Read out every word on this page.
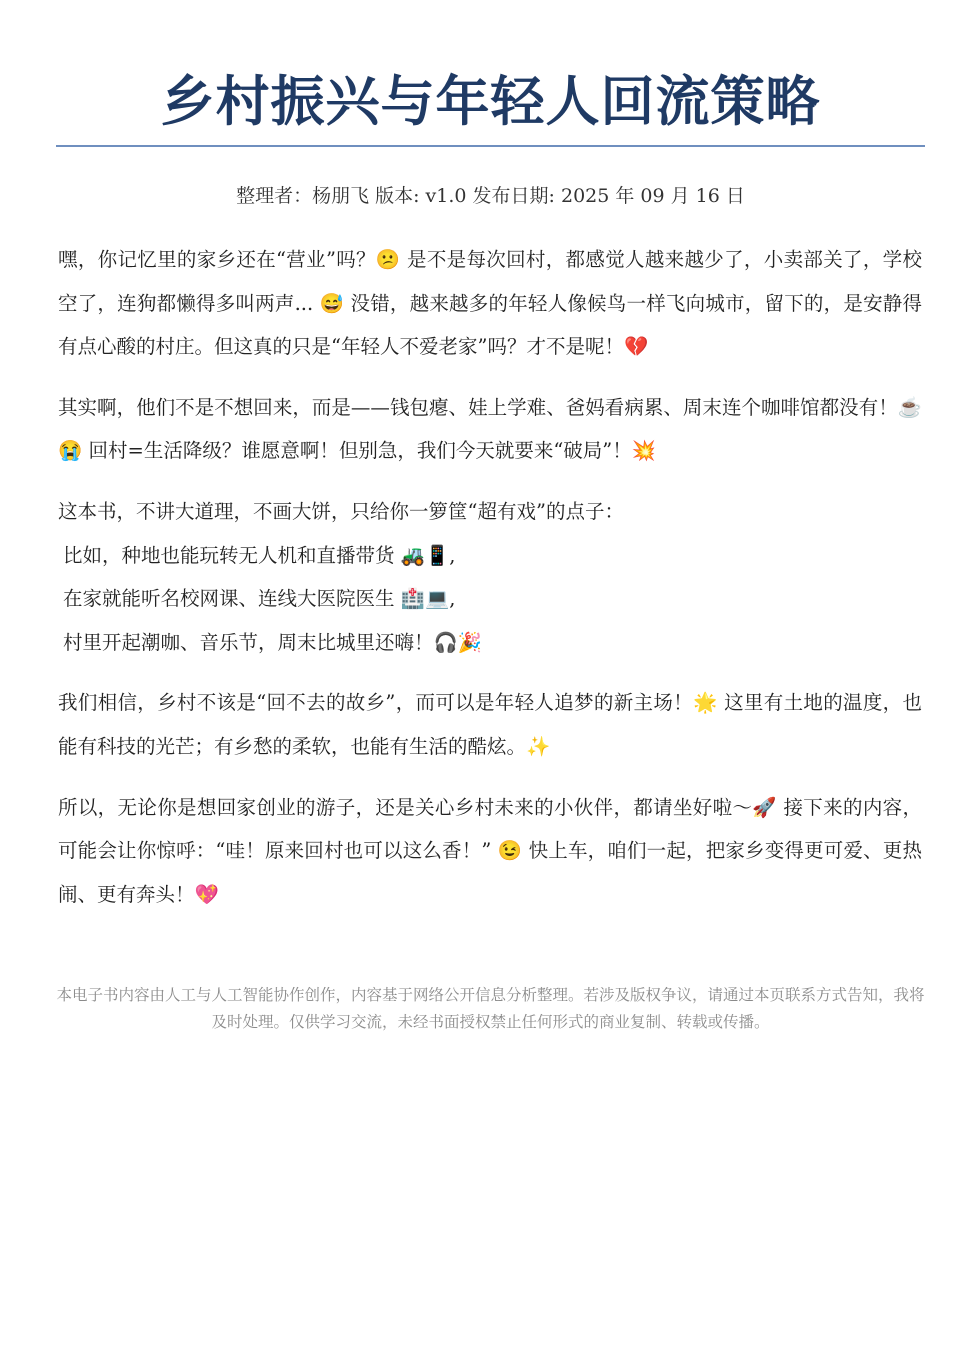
乡村振兴与年轻人回流策略
整理者：杨朋飞 版本: v1.0 发布日期: 2025 年 09 月 16 日

嘿，你记忆里的家乡还在“营业”吗？😕 是不是每次回村，都感觉人越来越少了，小卖部关了，学校空了，连狗都懒得多叫两声... 😅 没错，越来越多的年轻人像候鸟一样飞向城市，留下的，是安静得有点心酸的村庄。但这真的只是“年轻人不爱老家”吗？才不是呢！💔

其实啊，他们不是不想回来，而是——钱包瘪、娃上学难、爸妈看病累、周末连个咖啡馆都没有！☕😭 回村=生活降级？谁愿意啊！但别急，我们今天就要来“破局”！💥

这本书，不讲大道理，不画大饼，只给你一箩筐“超有戏”的点子：
比如，种地也能玩转无人机和直播带货 🚜📱,
在家就能听名校网课、连线大医院医生 🏥💻,
村里开起潮咖、音乐节，周末比城里还嗨！🎧🎉

我们相信，乡村不该是“回不去的故乡”，而可以是年轻人追梦的新主场！🌟 这里有土地的温度，也能有科技的光芒；有乡愁的柔软，也能有生活的酷炫。✨

所以，无论你是想回家创业的游子，还是关心乡村未来的小伙伴，都请坐好啦～🚀 接下来的内容，可能会让你惊呼：“哇！原来回村也可以这么香！” 😉 快上车，咱们一起，把家乡变得更可爱、更热闹、更有奔头！💖

本电子书内容由人工与人工智能协作创作，内容基于网络公开信息分析整理。若涉及版权争议，请通过本页联系方式告知，我将及时处理。仅供学习交流，未经书面授权禁止任何形式的商业复制、转载或传播。
